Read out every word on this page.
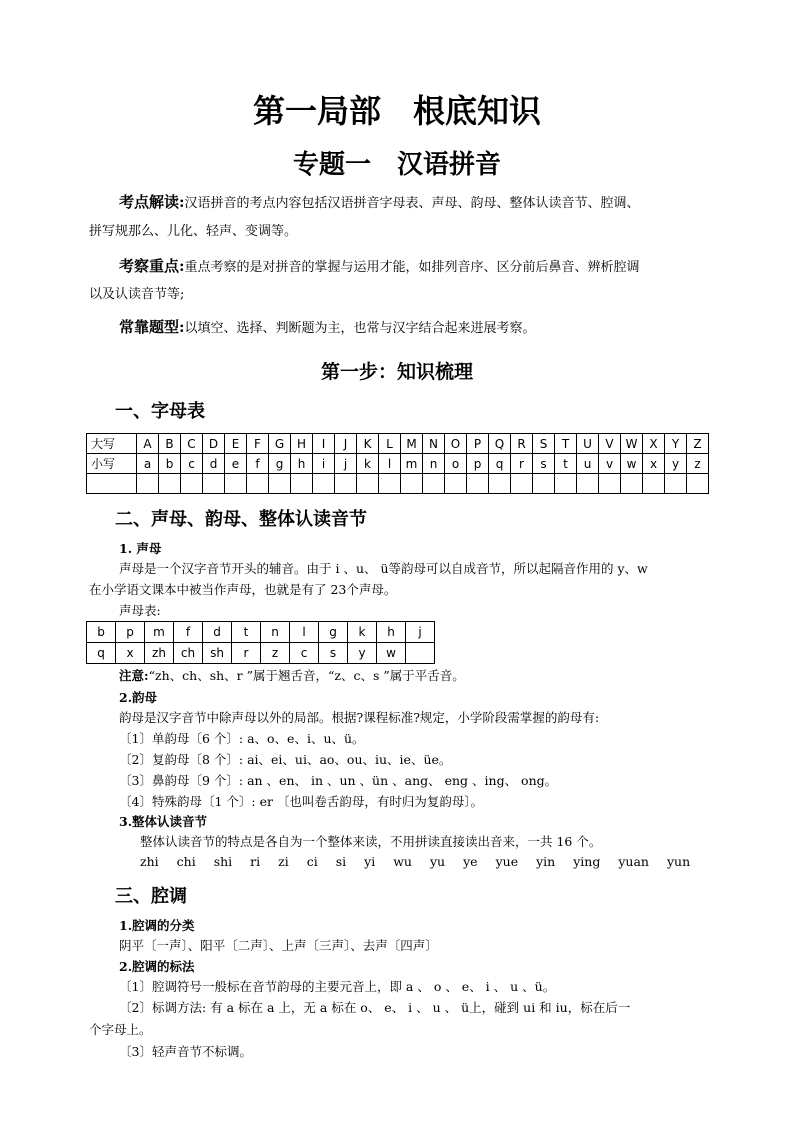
第一局部　根底知识
专题一　汉语拼音
考点解读:汉语拼音的考点内容包括汉语拼音字母表、声母、韵母、整体认读音节、腔调、
拼写规那么、儿化、轻声、变调等。
考察重点:重点考察的是对拼音的掌握与运用才能，如排列音序、区分前后鼻音、辨析腔调
以及认读音节等;
常靠题型:以填空、选择、判断题为主，也常与汉字结合起来进展考察。
第一步：知识梳理
一、字母表
大写	A	B	C	D	E	F	G	H	I	J	K	L	M	N	O	P	Q	R	S	T	U	V	W	X	Y	Z
小写	a	b	c	d	e	f	g	h	i	j	k	l	m	n	o	p	q	r	s	t	u	v	w	x	y	z

二、声母、韵母、整体认读音节
1. 声母
声母是一个汉字音节开头的辅音。由于 i 、u、 ü等韵母可以自成音节，所以起隔音作用的 y、w
在小学语文课本中被当作声母，也就是有了 23个声母。
声母表:
b	p	m	f	d	t	n	l	g	k	h	j
q	x	zh	ch	sh	r	z	c	s	y	w	
注意:“zh、ch、sh、r ”属于翘舌音，“z、c、s ”属于平舌音。
2.韵母
韵母是汉字音节中除声母以外的局部。根据?课程标准?规定，小学阶段需掌握的韵母有:
〔1〕单韵母〔6 个〕: a、o、e、i、u、ü。
〔2〕复韵母〔8 个〕: ai、ei、ui、ao、ou、iu、ie、üe。
〔3〕鼻韵母〔9 个〕: an 、en、 in 、un 、ün 、ang、 eng 、ing、 ong。
〔4〕特殊韵母〔1 个〕: er 〔也叫卷舌韵母，有时归为复韵母〕。
3.整体认读音节
整体认读音节的特点是各自为一个整体来读，不用拼读直接读出音来，一共 16 个。
zhi chi shi ri zi ci si yi wu yu ye yue yin ying yuan yun
三、腔调
1.腔调的分类
阴平〔一声〕、阳平〔二声〕、上声〔三声〕、去声〔四声〕
2.腔调的标法
〔1〕腔调符号一般标在音节韵母的主要元音上，即 a 、 o 、 e、 i 、 u 、ü。
〔2〕标调方法: 有 a 标在 a 上，无 a 标在 o、 e、 i 、 u 、 ü上，碰到 ui 和 iu，标在后一
个字母上。
〔3〕轻声音节不标调。
